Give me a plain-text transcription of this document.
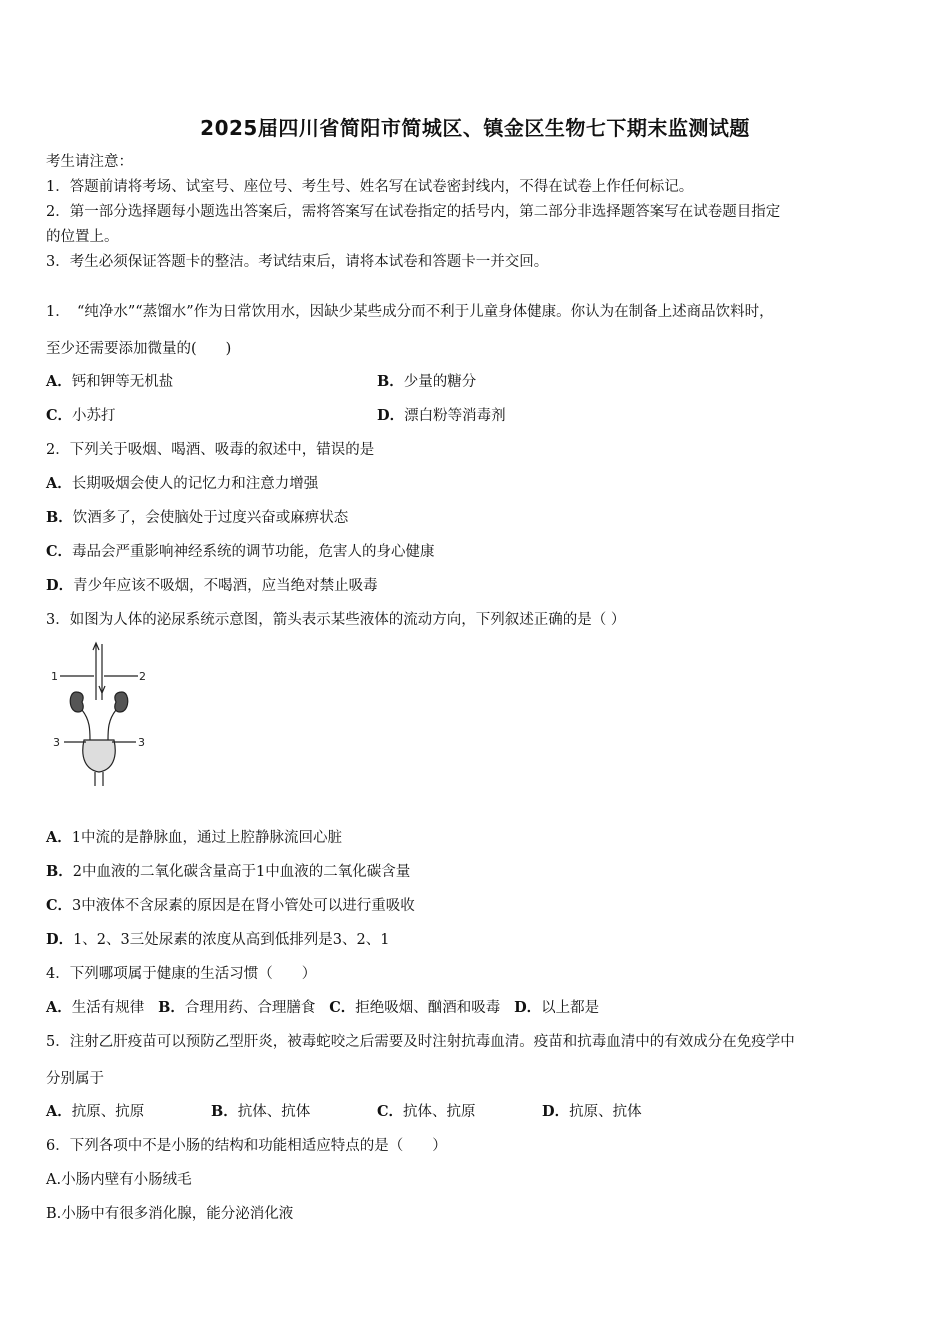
2025届四川省简阳市简城区、镇金区生物七下期末监测试题
考生请注意：
1．答题前请将考场、试室号、座位号、考生号、姓名写在试卷密封线内，不得在试卷上作任何标记。
2．第一部分选择题每小题选出答案后，需将答案写在试卷指定的括号内，第二部分非选择题答案写在试卷题目指定
的位置上。
3．考生必须保证答题卡的整洁。考试结束后，请将本试卷和答题卡一并交回。
1．　“纯净水”“蒸馏水”作为日常饮用水，因缺少某些成分而不利于儿童身体健康。你认为在制备上述商品饮料时，
至少还需要添加微量的(　　)
A．钙和钾等无机盐	B．少量的糖分
C．小苏打	D．漂白粉等消毒剂
2．下列关于吸烟、喝酒、吸毒的叙述中，错误的是
A．长期吸烟会使人的记忆力和注意力增强
B．饮酒多了，会使脑处于过度兴奋或麻痹状态
C．毒品会严重影响神经系统的调节功能，危害人的身心健康
D．青少年应该不吸烟，不喝酒，应当绝对禁止吸毒
3．如图为人体的泌尿系统示意图，箭头表示某些液体的流动方向，下列叙述正确的是（ ）
1	2
3	3
A．1中流的是静脉血，通过上腔静脉流回心脏
B．2中血液的二氧化碳含量高于1中血液的二氧化碳含量
C．3中液体不含尿素的原因是在肾小管处可以进行重吸收
D．1、2、3三处尿素的浓度从高到低排列是3、2、1
4．下列哪项属于健康的生活习惯（　　）
A．生活有规律 B．合理用药、合理膳食 C．拒绝吸烟、酗酒和吸毒 D．以上都是
5．注射乙肝疫苗可以预防乙型肝炎，被毒蛇咬之后需要及时注射抗毒血清。疫苗和抗毒血清中的有效成分在免疫学中
分别属于
A．抗原、抗原	B．抗体、抗体	C．抗体、抗原	D．抗原、抗体
6．下列各项中不是小肠的结构和功能相适应特点的是（　　）
A.小肠内壁有小肠绒毛
B.小肠中有很多消化腺，能分泌消化液
